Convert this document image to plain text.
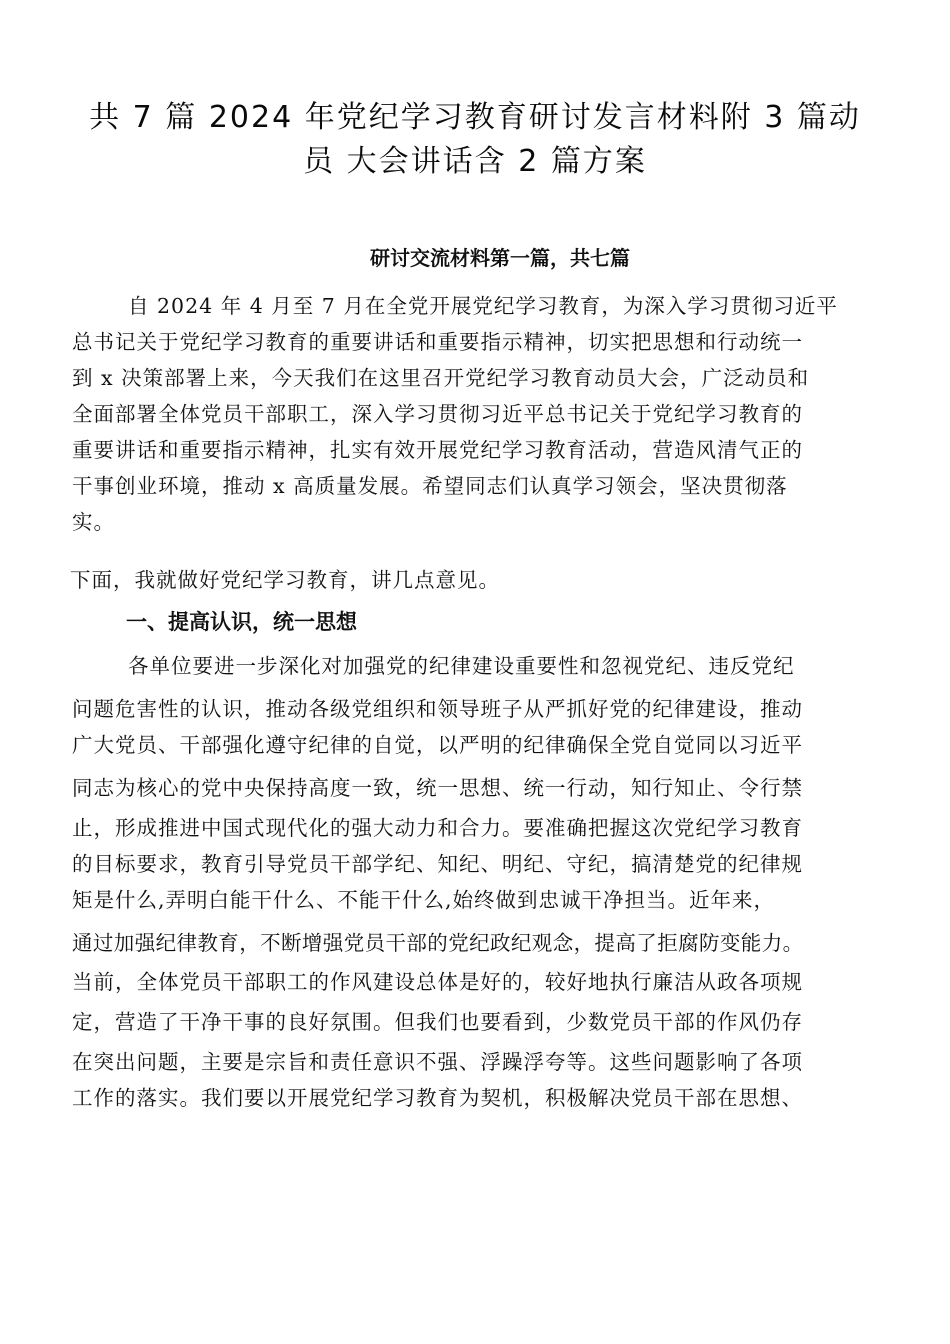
共 7 篇 2024 年党纪学习教育研讨发言材料附 3 篇动
员 大会讲话含 2 篇方案
研讨交流材料第一篇，共七篇
自 2024 年 4 月至 7 月在全党开展党纪学习教育，为深入学习贯彻习近平
总书记关于党纪学习教育的重要讲话和重要指示精神，切实把思想和行动统一
到 x 决策部署上来，今天我们在这里召开党纪学习教育动员大会，广泛动员和
全面部署全体党员干部职工，深入学习贯彻习近平总书记关于党纪学习教育的
重要讲话和重要指示精神，扎实有效开展党纪学习教育活动，营造风清气正的
干事创业环境，推动 x 高质量发展。希望同志们认真学习领会，坚决贯彻落
实。
下面，我就做好党纪学习教育，讲几点意见。
一、提高认识，统一思想
各单位要进一步深化对加强党的纪律建设重要性和忽视党纪、违反党纪
问题危害性的认识，推动各级党组织和领导班子从严抓好党的纪律建设，推动
广大党员、干部强化遵守纪律的自觉，以严明的纪律确保全党自觉同以习近平
同志为核心的党中央保持高度一致，统一思想、统一行动，知行知止、令行禁
止，形成推进中国式现代化的强大动力和合力。要准确把握这次党纪学习教育
的目标要求，教育引导党员干部学纪、知纪、明纪、守纪，搞清楚党的纪律规
矩是什么,弄明白能干什么、不能干什么,始终做到忠诚干净担当。近年来，
通过加强纪律教育，不断增强党员干部的党纪政纪观念，提高了拒腐防变能力。
当前，全体党员干部职工的作风建设总体是好的，较好地执行廉洁从政各项规
定，营造了干净干事的良好氛围。但我们也要看到，少数党员干部的作风仍存
在突出问题，主要是宗旨和责任意识不强、浮躁浮夸等。这些问题影响了各项
工作的落实。我们要以开展党纪学习教育为契机，积极解决党员干部在思想、
